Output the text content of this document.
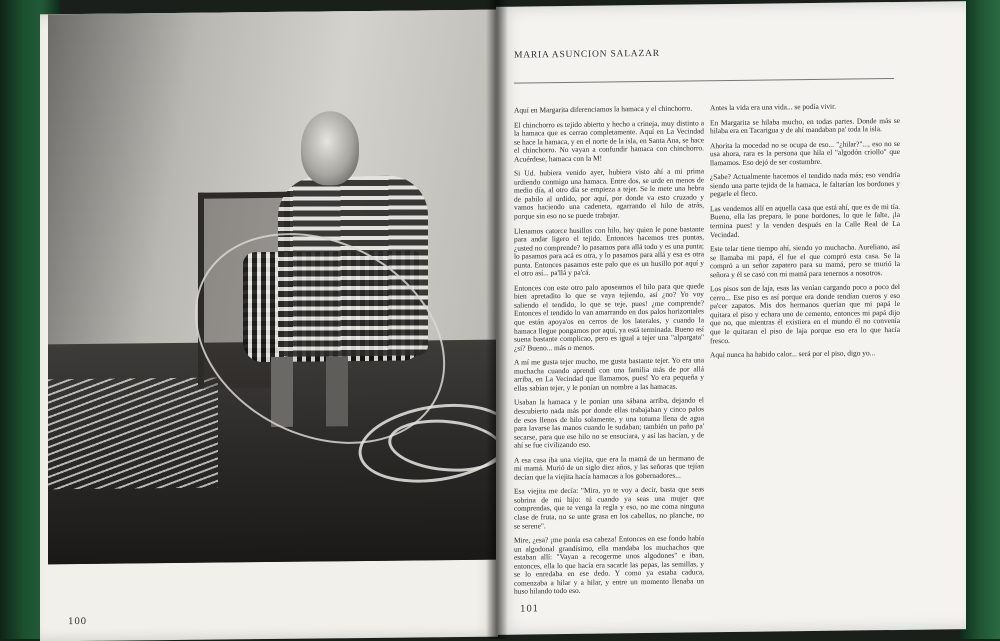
100
MARIA ASUNCION SALAZAR

Aquí en Margarita diferenciamos la hamaca y el chinchorro.

El chinchorro es tejido abierto y hecho a crineja, muy distinto a la hamaca que es cerrao completamente. Aquí en La Vecindad se hace la hamaca, y en el norte de la isla, en Santa Ana, se hace el chinchorro. No vayan a confundir hamaca con chinchorro. Acuérdese, hamaca con la M!

Si Ud. hubiera venido ayer, hubiera visto ahí a mi prima urdiendo conmigo una hamaca. Entre dos, se urde en menos de medio día, al otro día se empieza a tejer. Se le mete una hebra de pabilo al urdido, por aquí, por donde va esto cruzado y vamos haciendo una cadeneta, agarrando el hilo de atrás, porque sin eso no se puede trabajar.

Llenamos catorce husillos con hilo, hay quien le pone bastante para andar ligero el tejido. Entonces hacemos tres puntas, ¿usted no comprende? lo pasamos para allá todo y es una punta; lo pasamos para acá es otra, y lo pasamos para allá y esa es otra punta. Entonces pasamos este palo que es un husillo por aquí y el otro así... pa'llá y pa'cá.

Entonces con este otro palo aposeamos el hilo para que quede bien apretadito lo que se vaya tejiendo, así ¿no? Yo voy saliendo el tendido, lo que se teje, pues! ¿me comprende? Entonces el tendido lo van amarrando en dos palos horizontales que están apoya'os en cerros de los laterales, y cuando la hamaca llegue pongamos por aquí, ya está terminada. Bueno así suena bastante complicao, pero es igual a tejer una "alpargata" ¿sí? Bueno... más o menos.

A mí me gusta tejer mucho, me gusta bastante tejer. Yo era una muchacha cuando aprendí con una familia más de por allá arriba, en La Vecindad que llamamos, pues! Yo era pequeña y ellas sabían tejer, y le ponían un nombre a las hamacas.

Usaban la hamaca y le ponían una sábana arriba, dejando el descubierto nada más por donde ellas trabajaban y cinco palos de esos llenos de hilo solamente, y una totuma llena de agua para lavarse las manos cuando le sudaban; también un paño pa' secarse, para que ese hilo no se ensuciara, y así las hacían, y de ahí se fue civilizando eso.

A esa casa iba una viejita, que era la mamá de un hermano de mi mamá. Murió de un siglo diez años, y las señoras que tejían decían que la viejita hacía hamacas a los gobernadores...

Esa viejita me decía: "Mira, yo te voy a decir, basta que seas sobrina de mi hijo: tú cuando ya seas una mujer que comprendas, que te venga la regla y eso, no me coma ninguna clase de fruta, no se unte grasa en los cabellos, no planche, no se serene".

Mire, ¿esa? ¡me ponía esa cabeza! Entonces en ese fondo había un algodonal grandísimo, ella mandaba los muchachos que estaban allí: "Vayan a recogerme unos algodones" e iban, entonces, ella lo que hacía era sacarle las pepas, las semillas, y se lo enredaba en ese dedo. Y como ya estaba caduca, comenzaba a hilar y a hilar, y entre un momento llenaba un huso hilando todo eso.

Antes la vida era una vida... se podía vivir.

En Margarita se hilaba mucho, en todas partes. Donde más se hilaba era en Tacarigua y de ahí mandaban pa' toda la isla.

Ahorita la mocedad no se ocupa de eso... "¿hilar?"..., eso no se usa ahora, rara es la persona que hila el "algodón criollo" que llamamos. Eso dejó de ser costumbre.

¿Sabe? Actualmente hacemos el tendido nada más; eso vendría siendo una parte tejida de la hamaca, le faltarían los bordones y pegarle el fleco.

Las vendemos allí en aquella casa que está ahí, que es de mi tía. Bueno, ella las prepara, le pone bordones, lo que le falte, ¡la termina pues! y la venden después en la Calle Real de La Vecindad.

Este telar tiene tiempo ahí, siendo yo muchacha. Aureliano, así se llamaba mi papá, él fue el que compró esta casa. Se la compró a un señor zapatero para su mamá, pero se murió la señora y él se casó con mi mamá para tenernos a nosotros.

Los pisos son de laja, esas las venían cargando poco a poco del cerro... Ese piso es así porque era donde tendían cueros y eso pa'cer zapatos. Mis dos hermanos querían que mi papá le quitara el piso y echara uno de cemento, entonces mi papá dijo que no, que mientras él existiera en el mundo él no convenía que le quitaran el piso de laja porque eso era lo que hacía fresco.

Aquí nunca ha habido calor... será por el piso, digo yo...

101
